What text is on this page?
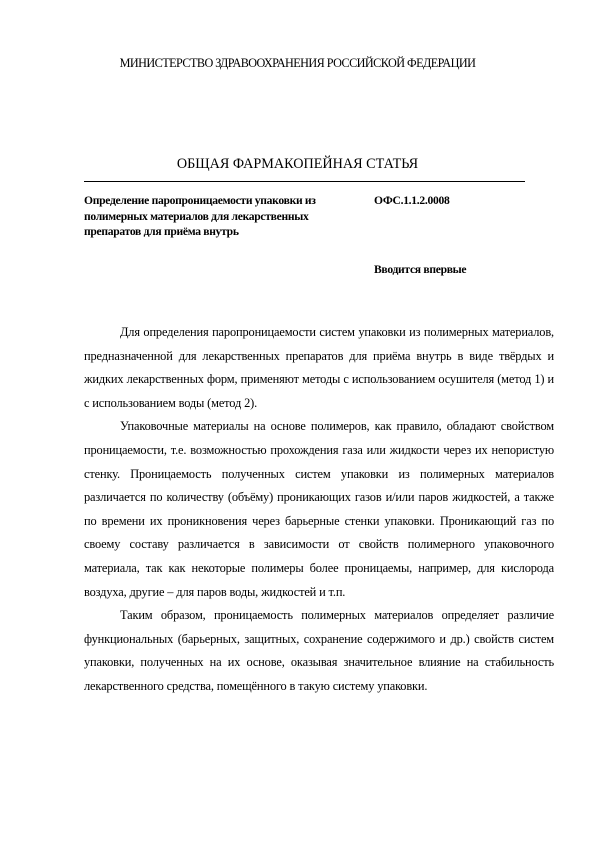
МИНИСТЕРСТВО ЗДРАВООХРАНЕНИЯ РОССИЙСКОЙ ФЕДЕРАЦИИ
ОБЩАЯ ФАРМАКОПЕЙНАЯ СТАТЬЯ
Определение паропроницаемости упаковки из полимерных материалов для лекарственных препаратов для приёма внутрь
ОФС.1.1.2.0008
Вводится впервые

Для определения паропроницаемости систем упаковки из полимерных материалов, предназначенной для лекарственных препаратов для приёма внутрь в виде твёрдых и жидких лекарственных форм, применяют методы с использованием осушителя (метод 1) и с использованием воды (метод 2).

Упаковочные материалы на основе полимеров, как правило, обладают свойством проницаемости, т.е. возможностью прохождения газа или жидкости через их непористую стенку. Проницаемость полученных систем упаковки из полимерных материалов различается по количеству (объёму) проникающих газов и/или паров жидкостей, а также по времени их проникновения через барьерные стенки упаковки. Проникающий газ по своему составу различается в зависимости от свойств полимерного упаковочного материала, так как некоторые полимеры более проницаемы, например, для кислорода воздуха, другие – для паров воды, жидкостей и т.п.

Таким образом, проницаемость полимерных материалов определяет различие функциональных (барьерных, защитных, сохранение содержимого и др.) свойств систем упаковки, полученных на их основе, оказывая значительное влияние на стабильность лекарственного средства, помещённого в такую систему упаковки.
